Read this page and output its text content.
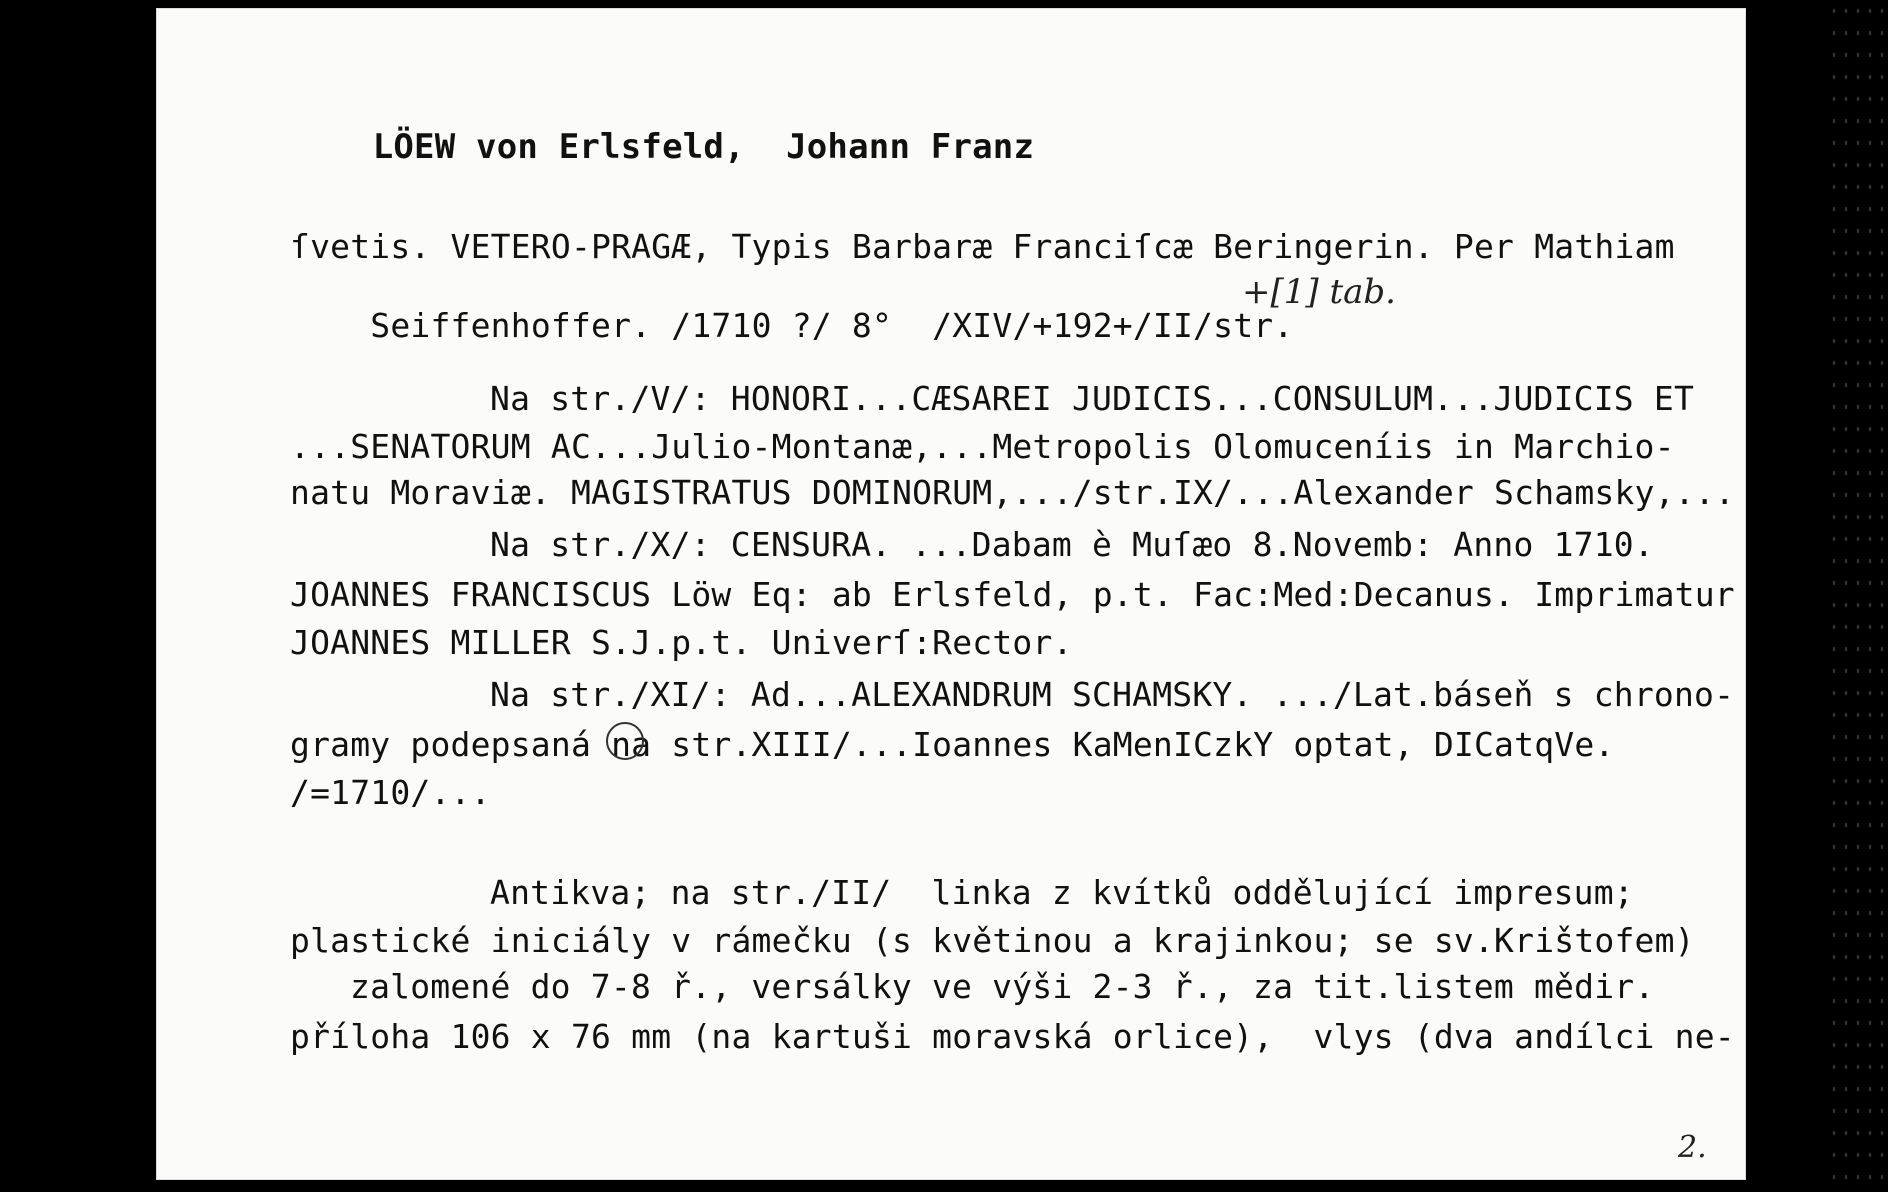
LÖEW von Erlsfeld, Johann Franz

ſvetis. VETERO-PRAGÆ, Typis Barbaræ Franciſcæ Beringerin. Per Mathiam

Seiffenhoffer. /1710 ?/ 8°  /XIV/+192+/II/str.

+[1] tab.
Na str./V/: HONORI...CÆSAREI JUDICIS...CONSULUM...JUDICIS ET
...SENATORUM AC...Julio-Montanæ,...Metropolis Olomuceníis in Marchio-
natu Moraviæ. MAGISTRATUS DOMINORUM,.../str.IX/...Alexander Schamsky,...
Na str./X/: CENSURA. ...Dabam è Muſæo 8.Novemb: Anno 1710.
JOANNES FRANCISCUS Löw Eq: ab Erlsfeld, p.t. Fac:Med:Decanus. Imprimatur
JOANNES MILLER S.J.p.t. Univerſ:Rector.
Na str./XI/: Ad...ALEXANDRUM SCHAMSKY. .../Lat.báseň s chrono-
gramy podepsaná na str.XIII/...Ioannes KaMenICzkY optat, DICatqVe.
/=1710/...
Antikva; na str./II/  linka z kvítků oddělující impresum;
plastické iniciály v rámečku (s květinou a krajinkou; se sv.Krištofem)
zalomené do 7-8 ř., versálky ve výši 2-3 ř., za tit.listem mědir.
příloha 106 x 76 mm (na kartuši moravská orlice),  vlys (dva andílci ne-
2.
